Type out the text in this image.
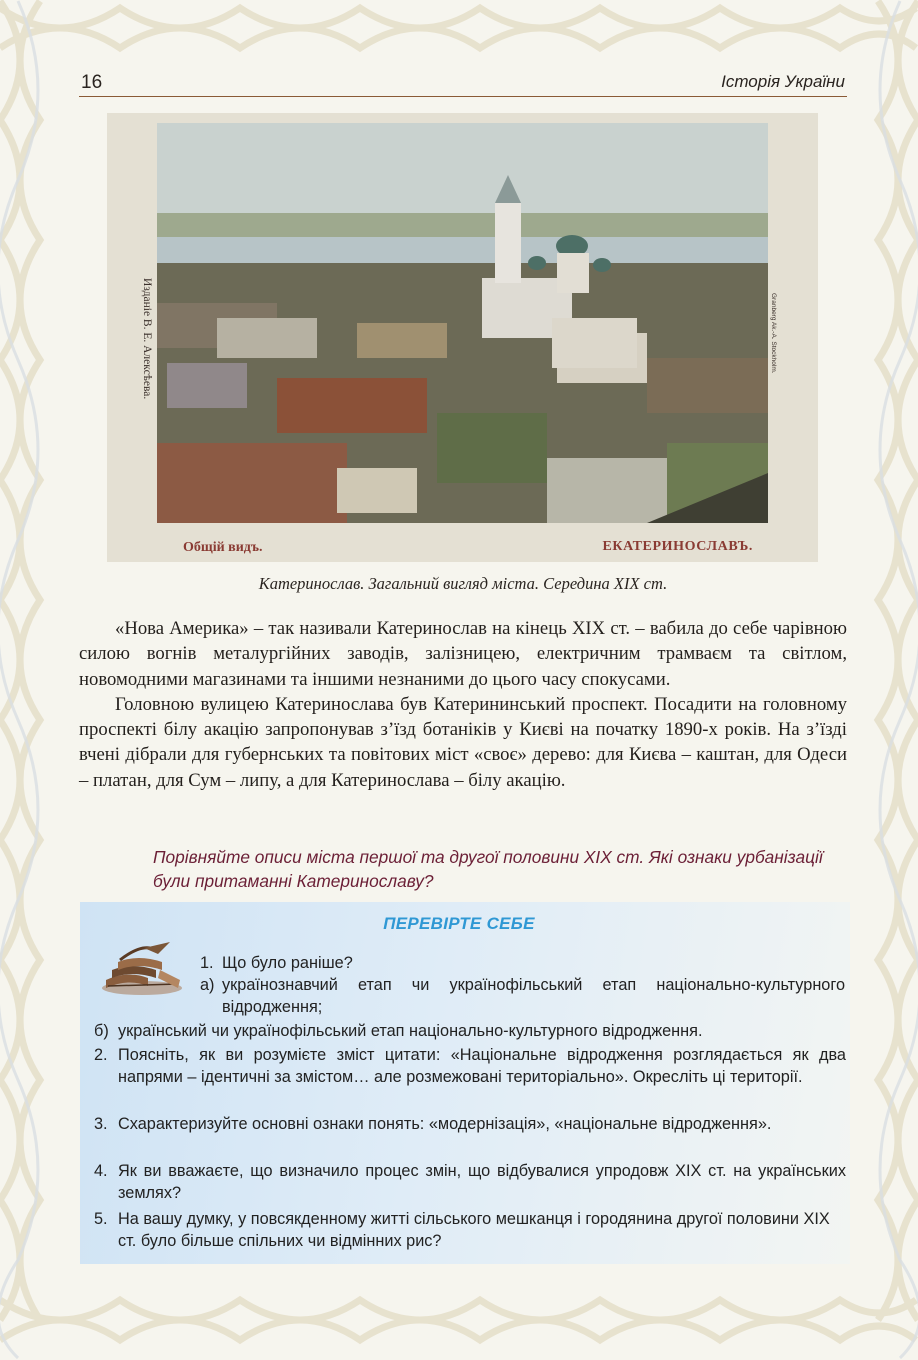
16	Історія України
Изданіе В. Е. Алексѣева.	Granberg Ak.-A. Stockholm.
Общій видъ.	ЕКАТЕРИНОСЛАВЪ.
Катеринослав. Загальний вигляд міста. Середина XIX ст.

«Нова Америка» – так називали Катеринослав на кінець XIX ст. – вабила до себе чарівною силою вогнів металургійних заводів, залізницею, електричним трамваєм та світлом, новомодними магазинами та іншими незнаними до цього часу спокусами.

Головною вулицею Катеринослава був Катерининський проспект. Посадити на головному проспекті білу акацію запропонував з’їзд ботаніків у Києві на початку 1890-х років. На з’їзді вчені дібрали для губернських та повітових міст «своє» дерево: для Києва – каштан, для Одеси – платан, для Сум – липу, а для Катеринослава – білу акацію.

Порівняйте описи міста першої та другої половини XIX ст. Які ознаки урбанізації були притаманні Катеринославу?
ПЕРЕВІРТЕ СЕБЕ
1. Що було раніше?
а) українознавчий етап чи українофільський етап національно-культурного відродження;
б) український чи українофільський етап національно-культурного відродження.
2. Поясніть, як ви розумієте зміст цитати: «Національне відродження розглядається як два напрями – ідентичні за змістом… але розмежовані територіально». Окресліть ці території.
3. Схарактеризуйте основні ознаки понять: «модернізація», «національне відродження».
4. Як ви вважаєте, що визначило процес змін, що відбувалися упродовж XIX ст. на українських землях?
5. На вашу думку, у повсякденному житті сільського мешканця і городянина другої половини XIX ст. було більше спільних чи відмінних рис?
